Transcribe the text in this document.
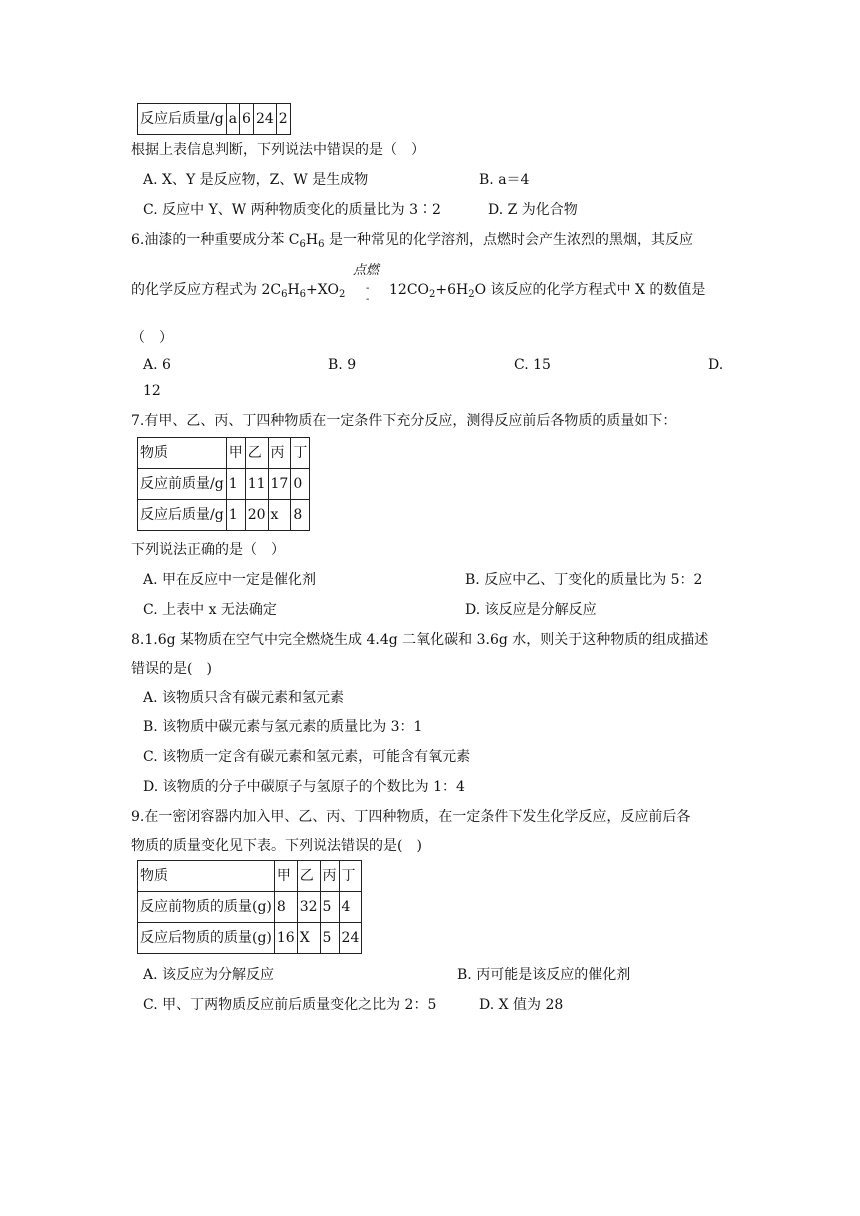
反应后质量/g	a	6	24	2
根据上表信息判断，下列说法中错误的是（　）
A. X、Y 是反应物，Z、W 是生成物	B. a＝4
C. 反应中 Y、W 两种物质变化的质量比为 3∶2	D. Z 为化合物
6.油漆的一种重要成分苯 $C_6H_6$ 是一种常见的化学溶剂，点燃时会产生浓烈的黑烟，其反应
点燃
-
-
的化学反应方程式为 $2C_6H_6+XO_2$	$12CO_2+6H_2O$ 该反应的化学方程式中 X 的数值是
（　）
A. 6	B. 9	C. 15	D.
12
7.有甲、乙、丙、丁四种物质在一定条件下充分反应，测得反应前后各物质的质量如下：
物质	甲	乙	丙	丁
反应前质量/g	1	11	17	0
反应后质量/g	1	20	x	8
下列说法正确的是（　）
A. 甲在反应中一定是催化剂	B. 反应中乙、丁变化的质量比为 5：2
C. 上表中 x 无法确定	D. 该反应是分解反应
8.1.6g 某物质在空气中完全燃烧生成 4.4g 二氧化碳和 3.6g 水，则关于这种物质的组成描述
错误的是(　)
A. 该物质只含有碳元素和氢元素
B. 该物质中碳元素与氢元素的质量比为 3：1
C. 该物质一定含有碳元素和氢元素，可能含有氧元素
D. 该物质的分子中碳原子与氢原子的个数比为 1：4
9.在一密闭容器内加入甲、乙、丙、丁四种物质，在一定条件下发生化学反应，反应前后各
物质的质量变化见下表。下列说法错误的是(　)
物质	甲	乙	丙	丁
反应前物质的质量(g)	8	32	5	4
反应后物质的质量(g)	16	X	5	24
A. 该反应为分解反应	B. 丙可能是该反应的催化剂
C. 甲、丁两物质反应前后质量变化之比为 2：5	D. X 值为 28
